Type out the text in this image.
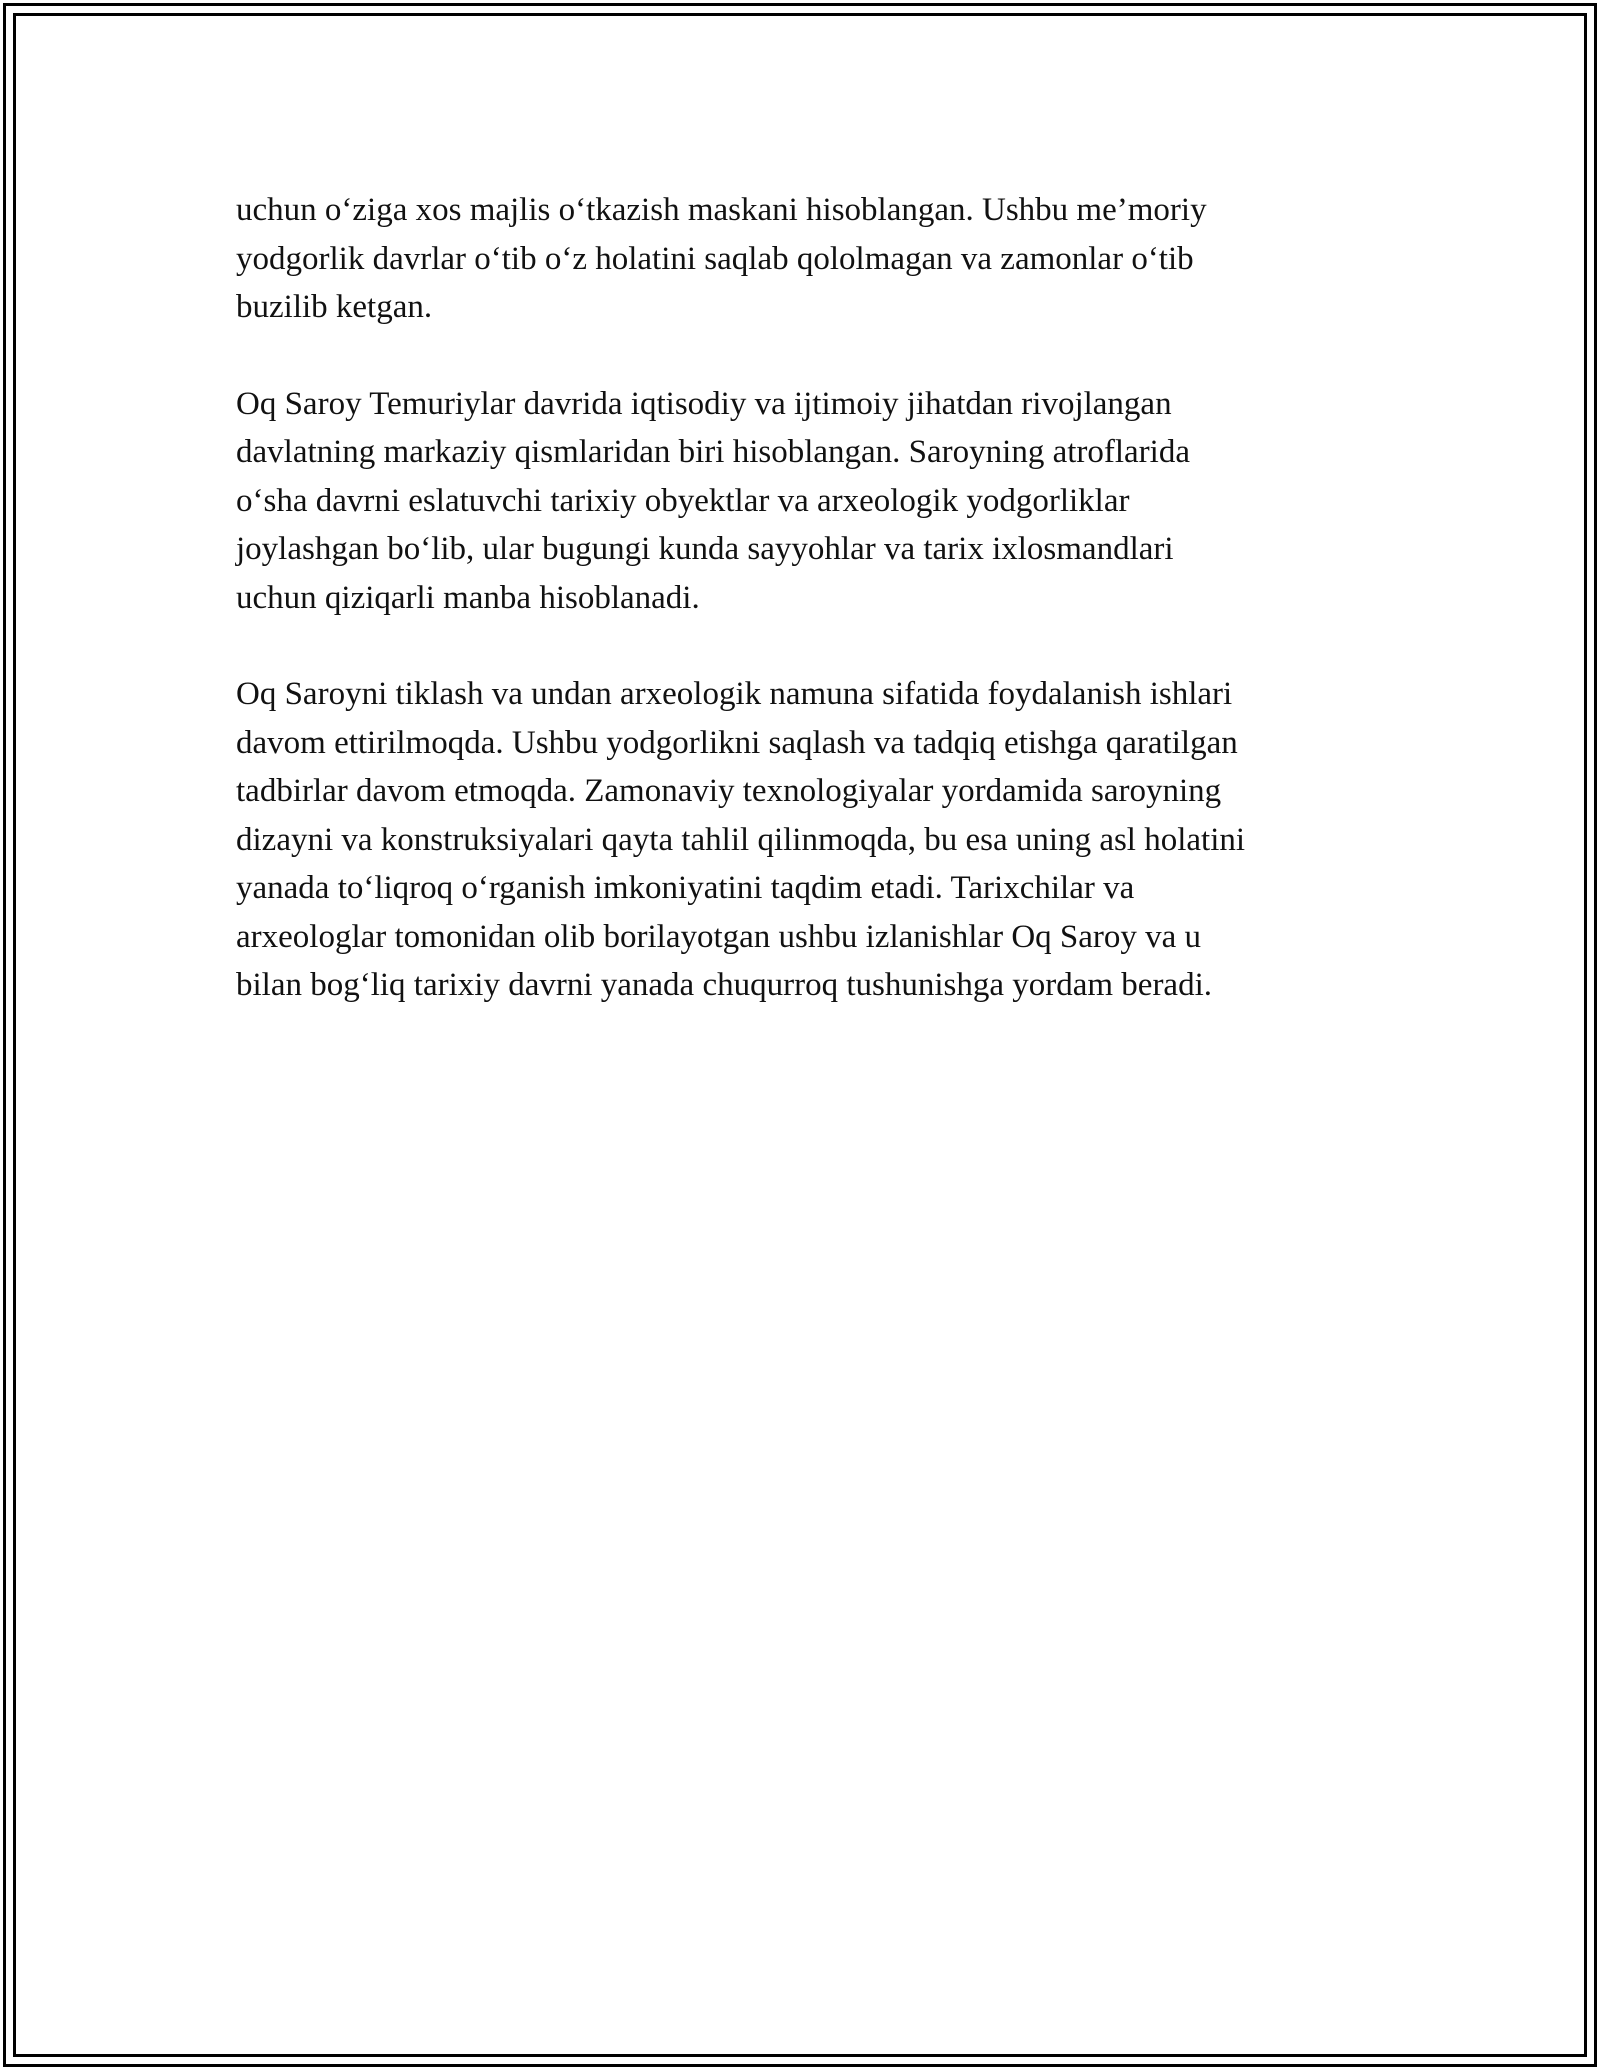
uchun o‘ziga xos majlis o‘tkazish maskani hisoblangan. Ushbu me’moriy
yodgorlik davrlar o‘tib o‘z holatini saqlab qololmagan va zamonlar o‘tib
buzilib ketgan.

Oq Saroy Temuriylar davrida iqtisodiy va ijtimoiy jihatdan rivojlangan
davlatning markaziy qismlaridan biri hisoblangan. Saroyning atroflarida
o‘sha davrni eslatuvchi tarixiy obyektlar va arxeologik yodgorliklar
joylashgan bo‘lib, ular bugungi kunda sayyohlar va tarix ixlosmandlari
uchun qiziqarli manba hisoblanadi.

Oq Saroyni tiklash va undan arxeologik namuna sifatida foydalanish ishlari
davom ettirilmoqda. Ushbu yodgorlikni saqlash va tadqiq etishga qaratilgan
tadbirlar davom etmoqda. Zamonaviy texnologiyalar yordamida saroyning
dizayni va konstruksiyalari qayta tahlil qilinmoqda, bu esa uning asl holatini
yanada to‘liqroq o‘rganish imkoniyatini taqdim etadi. Tarixchilar va
arxeologlar tomonidan olib borilayotgan ushbu izlanishlar Oq Saroy va u
bilan bog‘liq tarixiy davrni yanada chuqurroq tushunishga yordam beradi.
